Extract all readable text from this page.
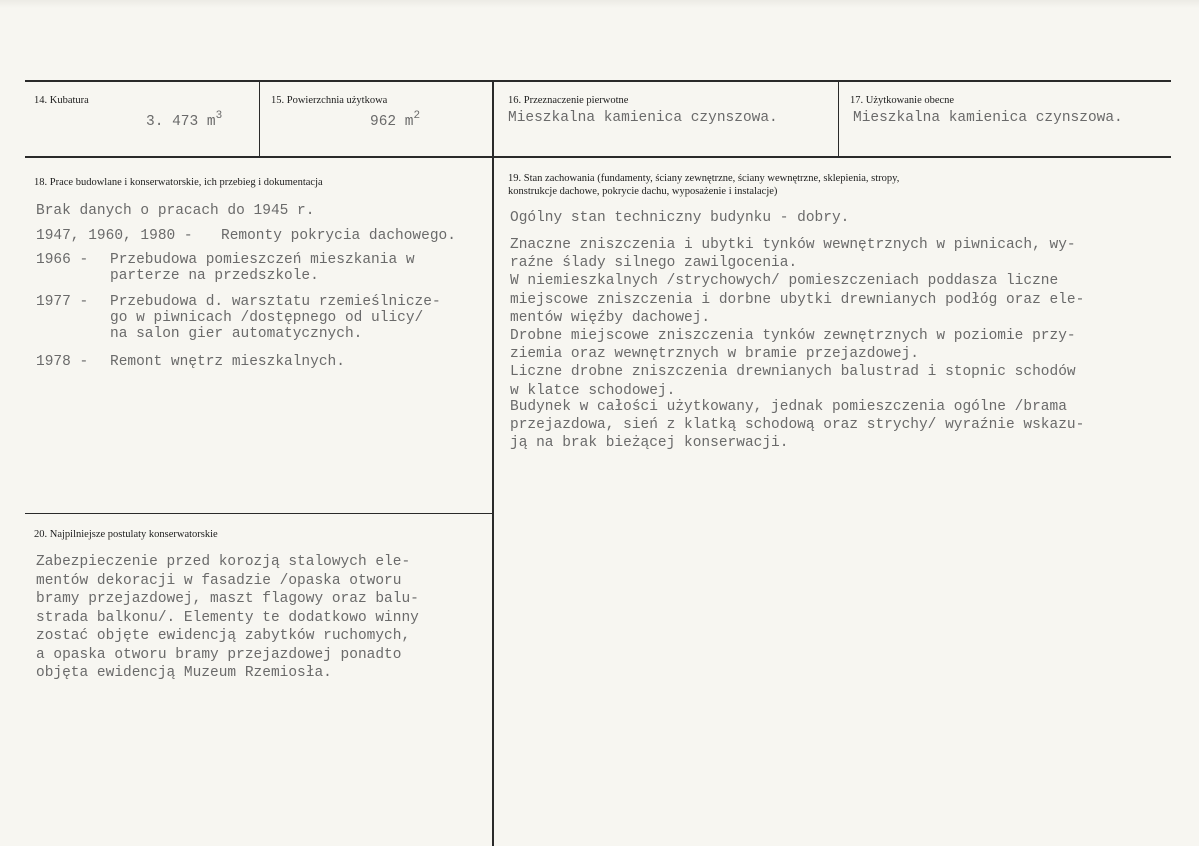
14. Kubatura
3. 473 $m^3$
15. Powierzchnia użytkowa
962 $m^2$
16. Przeznaczenie pierwotne
Mieszkalna kamienica czynszowa.
17. Użytkowanie obecne
Mieszkalna kamienica czynszowa.
18. Prace budowlane i konserwatorskie, ich przebieg i dokumentacja
Brak danych o pracach do 1945 r.
1947, 1960, 1980 - Remonty pokrycia dachowego.
1966 - Przebudowa pomieszczeń mieszkania w
parterze na przedszkole.
1977 - Przebudowa d. warsztatu rzemieślnicze-
go w piwnicach /dostępnego od ulicy/
na salon gier automatycznych.
1978 - Remont wnętrz mieszkalnych.
19. Stan zachowania (fundamenty, ściany zewnętrzne, ściany wewnętrzne, sklepienia, stropy,
konstrukcje dachowe, pokrycie dachu, wyposażenie i instalacje)
Ogólny stan techniczny budynku - dobry.
Znaczne zniszczenia i ubytki tynków wewnętrznych w piwnicach, wy-
raźne ślady silnego zawilgocenia.
W niemieszkalnych /strychowych/ pomieszczeniach poddasza liczne
miejscowe zniszczenia i dorbne ubytki drewnianych podłóg oraz ele-
mentów więźby dachowej.
Drobne miejscowe zniszczenia tynków zewnętrznych w poziomie przy-
ziemia oraz wewnętrznych w bramie przejazdowej.
Liczne drobne zniszczenia drewnianych balustrad i stopnic schodów
w klatce schodowej.
Budynek w całości użytkowany, jednak pomieszczenia ogólne /brama
przejazdowa, sień z klatką schodową oraz strychy/ wyraźnie wskazu-
ją na brak bieżącej konserwacji.
20. Najpilniejsze postulaty konserwatorskie
Zabezpieczenie przed korozją stalowych ele-
mentów dekoracji w fasadzie /opaska otworu
bramy przejazdowej, maszt flagowy oraz balu-
strada balkonu/. Elementy te dodatkowo winny
zostać objęte ewidencją zabytków ruchomych,
a opaska otworu bramy przejazdowej ponadto
objęta ewidencją Muzeum Rzemiosła.
